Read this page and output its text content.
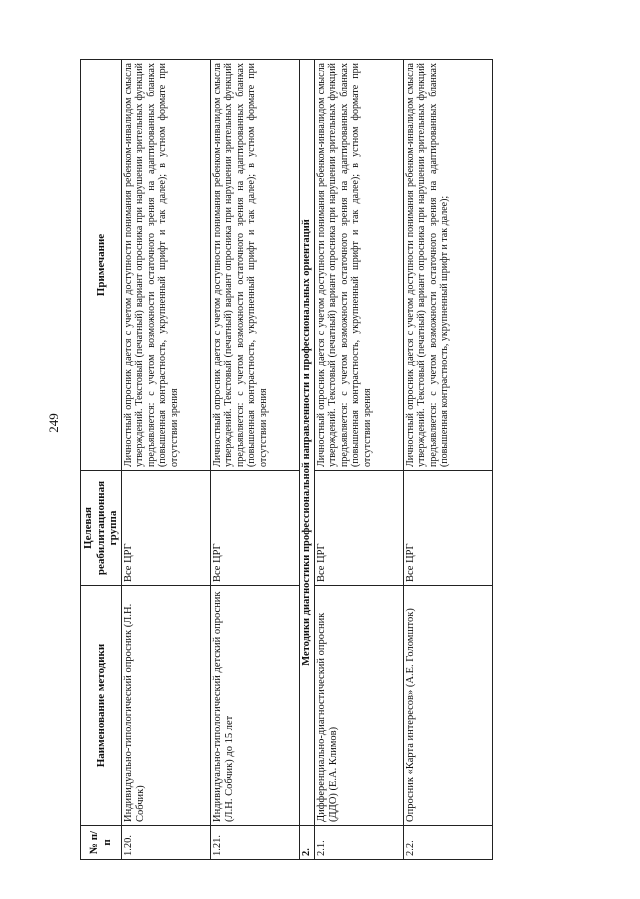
249
№ п/п	Наименование методики	Целевая реабилитационная группа	Примечание
1.20.	Индивидуально-типологический опросник (Л.Н. Собчик)	Все ЦРГ	Личностный опросник дается с учетом доступности понимания ребенком-инвалидом смысла утверждений. Текстовый (печатный) вариант опросника при нарушении зрительных функций предъявляется: с учетом возможности остаточного зрения на адаптированных бланках (повышенная контрастность, укрупненный шрифт и так далее); в устном формате при отсутствии зрения
1.21.	Индивидуально-типологический детский опросник (Л.Н. Собчик) до 15 лет	Все ЦРГ	Личностный опросник дается с учетом доступности понимания ребенком-инвалидом смысла утверждений. Текстовый (печатный) вариант опросника при нарушении зрительных функций предъявляется: с учетом возможности остаточного зрения на адаптированных бланках (повышенная контрастность, укрупненный шрифт и так далее); в устном формате при отсутствии зрения
2.	Методики диагностики профессиональной направленности и профессиональных ориентаций		
2.1.	Дифференциально-диагностический опросник (ДДО) (Е.А. Климов)	Все ЦРГ	Личностный опросник дается с учетом доступности понимания ребенком-инвалидом смысла утверждений. Текстовый (печатный) вариант опросника при нарушении зрительных функций предъявляется: с учетом возможности остаточного зрения на адаптированных бланках (повышенная контрастность, укрупненный шрифт и так далее); в устном формате при отсутствии зрения
2.2.	Опросник «Карта интересов» (А.Е. Голомшток)	Все ЦРГ	Личностный опросник дается с учетом доступности понимания ребенком-инвалидом смысла утверждений. Текстовый (печатный) вариант опросника при нарушении зрительных функций предъявляется: с учетом возможности остаточного зрения на адаптированных бланках (повышенная контрастность, укрупненный шрифт и так далее);
